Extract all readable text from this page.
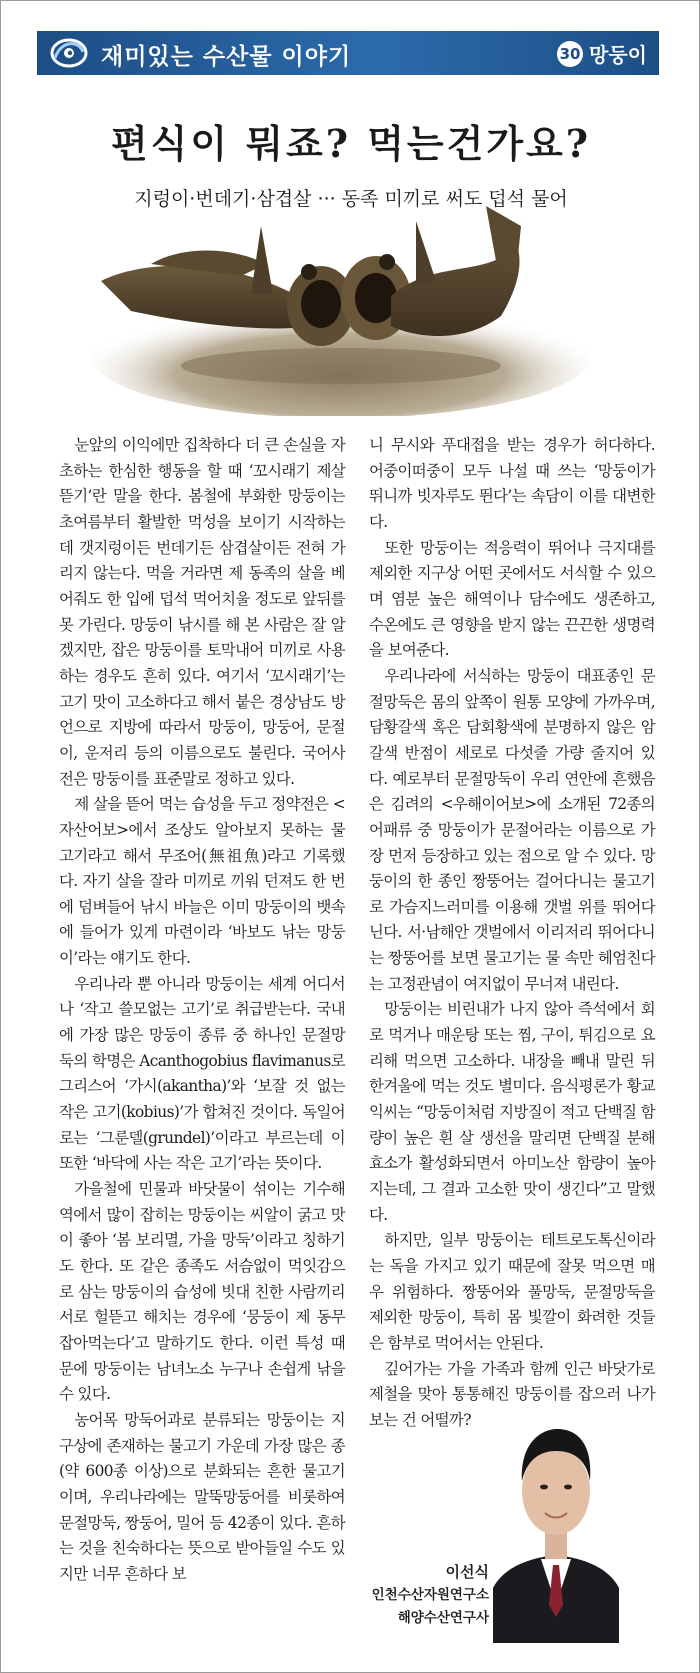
재미있는 수산물 이야기	30 망둥이
편식이 뭐죠? 먹는건가요?
지렁이·번데기·삼겹살 ··· 동족 미끼로 써도 덥석 물어

눈앞의 이익에만 집착하다 더 큰 손실을 자초하는 한심한 행동을 할 때 ‘꼬시래기 제살 뜯기’란 말을 한다. 봄철에 부화한 망둥이는 초여름부터 활발한 먹성을 보이기 시작하는데 갯지렁이든 번데기든 삼겹살이든 전혀 가리지 않는다. 먹을 거라면 제 동족의 살을 베어줘도 한 입에 덥석 먹어치울 정도로 앞뒤를 못 가린다. 망둥이 낚시를 해 본 사람은 잘 알겠지만, 잡은 망둥이를 토막내어 미끼로 사용하는 경우도 흔히 있다. 여기서 ‘꼬시래기’는 고기 맛이 고소하다고 해서 붙은 경상남도 방언으로 지방에 따라서 망둥이, 망둥어, 문절이, 운저리 등의 이름으로도 불린다. 국어사전은 망둥이를 표준말로 정하고 있다.

제 살을 뜯어 먹는 습성을 두고 정약전은 <자산어보>에서 조상도 알아보지 못하는 물고기라고 해서 무조어(無祖魚)라고 기록했다. 자기 살을 잘라 미끼로 끼워 던져도 한 번에 덤벼들어 낚시 바늘은 이미 망둥이의 뱃속에 들어가 있게 마련이라 ‘바보도 낚는 망둥이’라는 얘기도 한다.

우리나라 뿐 아니라 망둥이는 세계 어디서나 ‘작고 쓸모없는 고기’로 취급받는다. 국내에 가장 많은 망둥이 종류 중 하나인 문절망둑의 학명은 Acanthogobius flavimanus로 그리스어 ‘가시(akantha)’와 ‘보잘 것 없는 작은 고기(kobius)’가 합쳐진 것이다. 독일어로는 ‘그룬델(grundel)’이라고 부르는데 이 또한 ‘바닥에 사는 작은 고기’라는 뜻이다.

가을철에 민물과 바닷물이 섞이는 기수해역에서 많이 잡히는 망둥이는 씨알이 굵고 맛이 좋아 ‘봄 보리멸, 가을 망둑’이라고 칭하기도 한다. 또 같은 종족도 서슴없이 먹잇감으로 삼는 망둥이의 습성에 빗대 친한 사람끼리 서로 헐뜯고 해치는 경우에 ‘뭉둥이 제 동무 잡아먹는다’고 말하기도 한다. 이런 특성 때문에 망둥이는 남녀노소 누구나 손쉽게 낚을 수 있다.

농어목 망둑어과로 분류되는 망둥이는 지구상에 존재하는 물고기 가운데 가장 많은 종(약 600종 이상)으로 분화되는 흔한 물고기이며, 우리나라에는 말뚝망둥어를 비롯하여 문절망둑, 짱둥어, 밀어 등 42종이 있다. 흔하는 것을 친숙하다는 뜻으로 받아들일 수도 있지만 너무 흔하다 보

니 무시와 푸대접을 받는 경우가 허다하다. 어중이떠중이 모두 나설 때 쓰는 ‘망둥이가 뛰니까 빗자루도 뛴다’는 속담이 이를 대변한다.

또한 망둥이는 적응력이 뛰어나 극지대를 제외한 지구상 어떤 곳에서도 서식할 수 있으며 염분 높은 해역이나 담수에도 생존하고, 수온에도 큰 영향을 받지 않는 끈끈한 생명력을 보여준다.

우리나라에 서식하는 망둥이 대표종인 문절망둑은 몸의 앞쪽이 원통 모양에 가까우며, 담황갈색 혹은 담회황색에 분명하지 않은 암갈색 반점이 세로로 다섯줄 가량 줄지어 있다. 예로부터 문절망둑이 우리 연안에 흔했음은 김려의 <우해이어보>에 소개된 72종의 어패류 중 망둥이가 문절어라는 이름으로 가장 먼저 등장하고 있는 점으로 알 수 있다. 망둥이의 한 종인 짱뚱어는 걸어다니는 물고기로 가슴지느러미를 이용해 갯벌 위를 뛰어다닌다. 서·남해안 갯벌에서 이리저리 뛰어다니는 짱뚱어를 보면 물고기는 물 속만 헤엄친다는 고정관념이 여지없이 무너져 내린다.

망둥이는 비린내가 나지 않아 즉석에서 회로 먹거나 매운탕 또는 찜, 구이, 튀김으로 요리해 먹으면 고소하다. 내장을 빼내 말린 뒤 한겨울에 먹는 것도 별미다. 음식평론가 황교익씨는 “망둥이처럼 지방질이 적고 단백질 함량이 높은 흰 살 생선을 말리면 단백질 분해효소가 활성화되면서 아미노산 함량이 높아지는데, 그 결과 고소한 맛이 생긴다”고 말했다.

하지만, 일부 망둥이는 테트로도톡신이라는 독을 가지고 있기 때문에 잘못 먹으면 매우 위험하다. 짱뚱어와 풀망둑, 문절망둑을 제외한 망둥이, 특히 몸 빛깔이 화려한 것들은 함부로 먹어서는 안된다.

깊어가는 가을 가족과 함께 인근 바닷가로 제철을 맞아 통통해진 망둥이를 잡으러 나가보는 건 어떨까?

이선식
인천수산자원연구소
해양수산연구사
